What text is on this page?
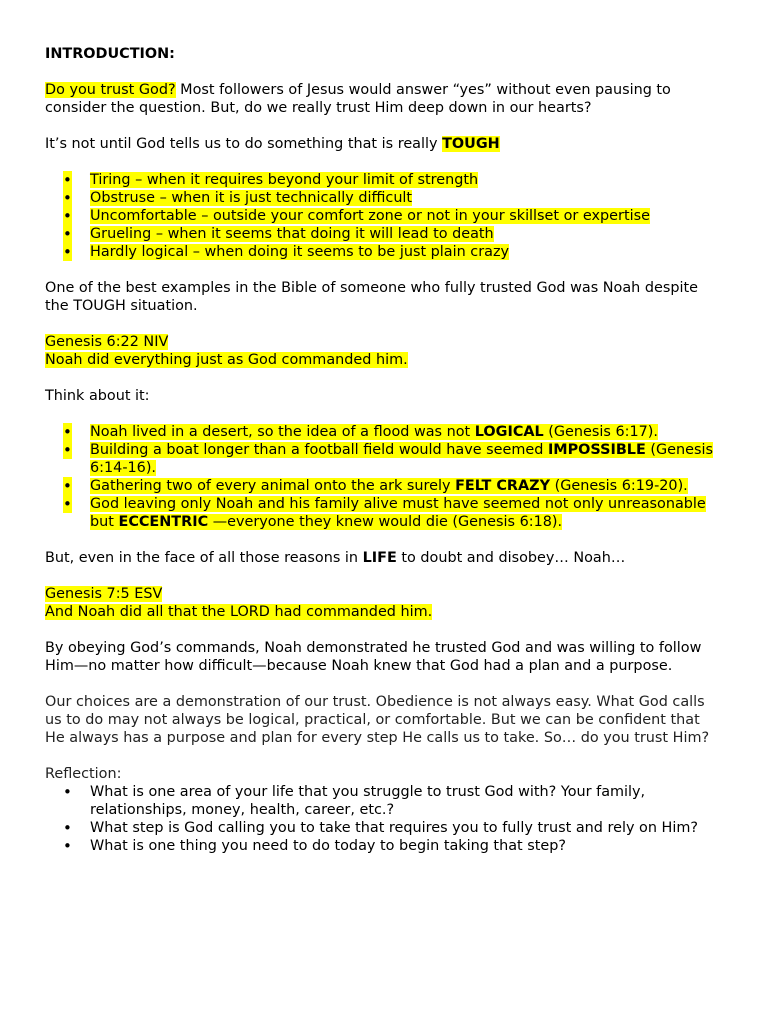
INTRODUCTION:

Do you trust God? Most followers of Jesus would answer “yes” without even pausing to consider the question. But, do we really trust Him deep down in our hearts?

It’s not until God tells us to do something that is really TOUGH

• Tiring – when it requires beyond your limit of strength
• Obstruse – when it is just technically difficult
• Uncomfortable – outside your comfort zone or not in your skillset or expertise
• Grueling – when it seems that doing it will lead to death
• Hardly logical – when doing it seems to be just plain crazy

One of the best examples in the Bible of someone who fully trusted God was Noah despite the TOUGH situation.

Genesis 6:22 NIV
Noah did everything just as God commanded him.

Think about it:

• Noah lived in a desert, so the idea of a flood was not LOGICAL (Genesis 6:17).
• Building a boat longer than a football field would have seemed IMPOSSIBLE (Genesis 6:14-16).
• Gathering two of every animal onto the ark surely FELT CRAZY (Genesis 6:19-20).
• God leaving only Noah and his family alive must have seemed not only unreasonable but ECCENTRIC —everyone they knew would die (Genesis 6:18).

But, even in the face of all those reasons in LIFE to doubt and disobey… Noah…

Genesis 7:5 ESV
And Noah did all that the LORD had commanded him.

By obeying God’s commands, Noah demonstrated he trusted God and was willing to follow Him—no matter how difficult—because Noah knew that God had a plan and a purpose.

Our choices are a demonstration of our trust. Obedience is not always easy. What God calls us to do may not always be logical, practical, or comfortable. But we can be confident that He always has a purpose and plan for every step He calls us to take. So… do you trust Him?

Reflection:

• What is one area of your life that you struggle to trust God with? Your family, relationships, money, health, career, etc.?
• What step is God calling you to take that requires you to fully trust and rely on Him?
• What is one thing you need to do today to begin taking that step?
